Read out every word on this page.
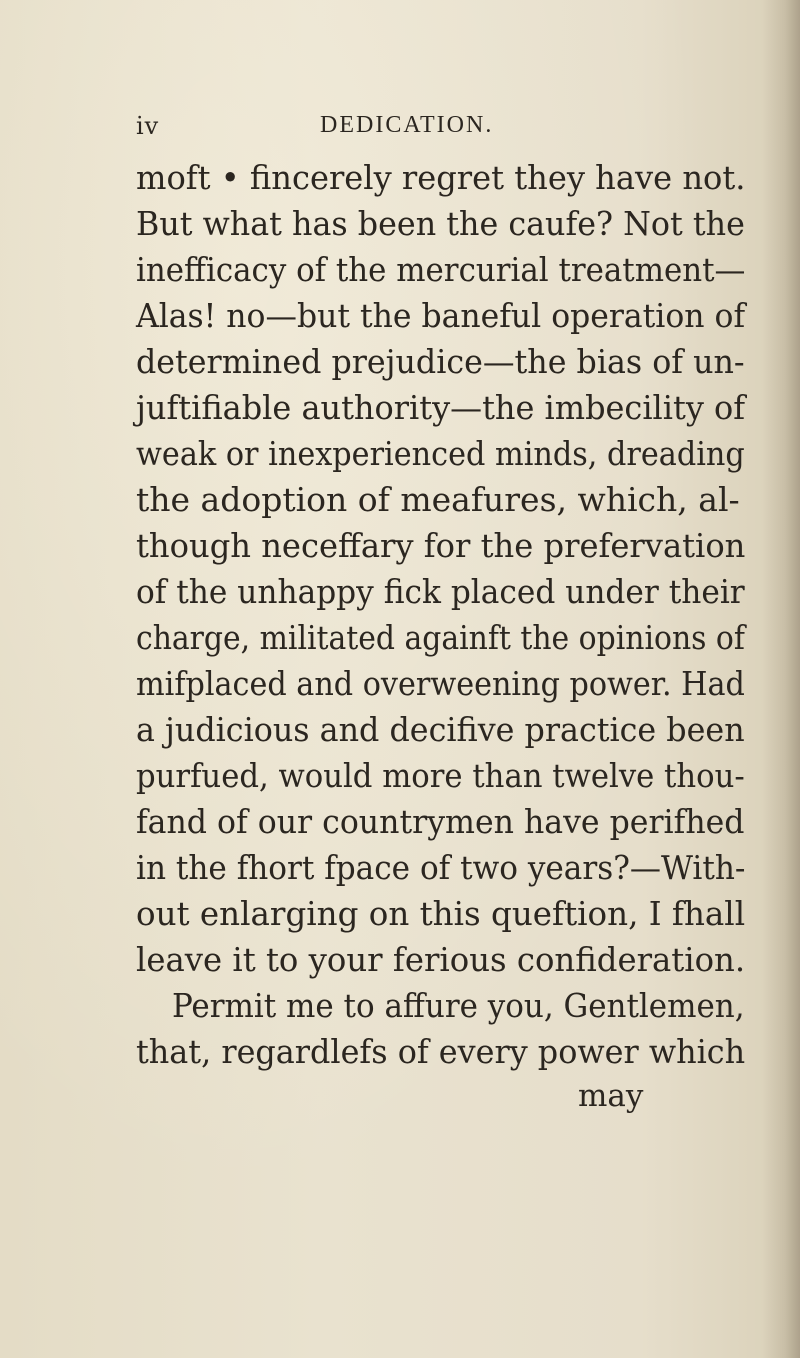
iv	DEDICATION.
moft • fincerely regret they have not.
But what has been the caufe? Not the
inefficacy of the mercurial treatment—
Alas! no—but the baneful operation of
determined prejudice—the bias of un-
juftifiable authority—the imbecility of
weak or inexperienced minds, dreading
the adoption of meafures, which, al-
though neceffary for the prefervation
of the unhappy fick placed under their
charge, militated againft the opinions of
mifplaced and overweening power. Had
a judicious and decifive practice been
purfued, would more than twelve thou-
fand of our countrymen have perifhed
in the fhort fpace of two years?—With-
out enlarging on this queftion, I fhall
leave it to your ferious confideration.
Permit me to affure you, Gentlemen,
that, regardlefs of every power which
may
